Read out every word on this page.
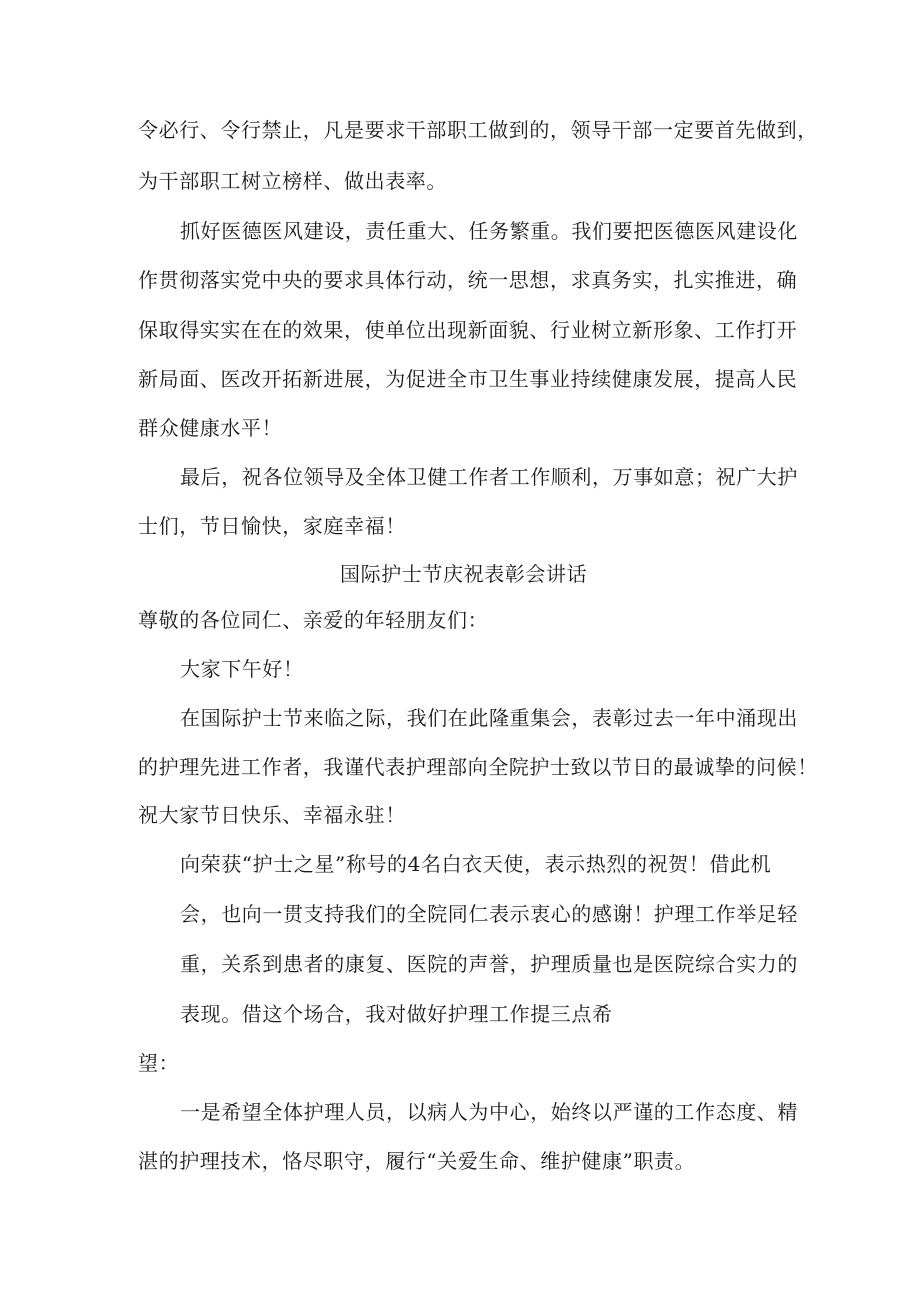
令必行、令行禁止，凡是要求干部职工做到的，领导干部一定要首先做到，
为干部职工树立榜样、做出表率。
抓好医德医风建设，责任重大、任务繁重。我们要把医德医风建设化
作贯彻落实党中央的要求具体行动，统一思想，求真务实，扎实推进，确
保取得实实在在的效果，使单位出现新面貌、行业树立新形象、工作打开
新局面、医改开拓新进展，为促进全市卫生事业持续健康发展，提高人民
群众健康水平！
最后，祝各位领导及全体卫健工作者工作顺利，万事如意；祝广大护
士们，节日愉快，家庭幸福！
国际护士节庆祝表彰会讲话
尊敬的各位同仁、亲爱的年轻朋友们：
大家下午好！
在国际护士节来临之际，我们在此隆重集会，表彰过去一年中涌现出
的护理先进工作者，我谨代表护理部向全院护士致以节日的最诚挚的问候！
祝大家节日快乐、幸福永驻！
向荣获“护士之星”称号的4名白衣天使，表示热烈的祝贺！借此机
会，也向一贯支持我们的全院同仁表示衷心的感谢！护理工作举足轻
重，关系到患者的康复、医院的声誉，护理质量也是医院综合实力的
表现。借这个场合，我对做好护理工作提三点希
望：
一是希望全体护理人员，以病人为中心，始终以严谨的工作态度、精
湛的护理技术，恪尽职守，履行“关爱生命、维护健康”职责。
